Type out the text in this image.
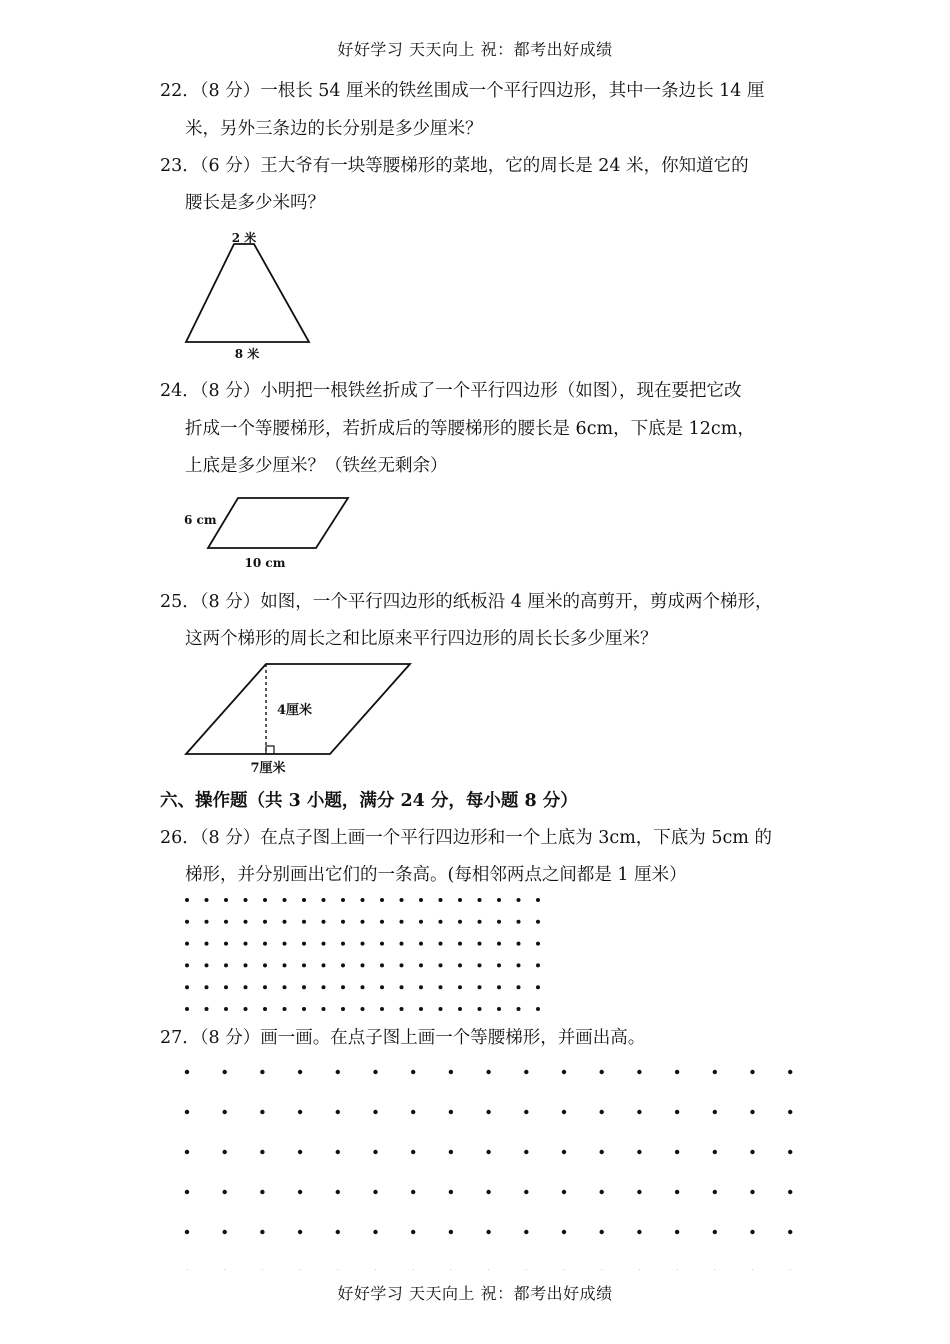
好好学习 天天向上 祝：都考出好成绩
22．（8 分）一根长 54 厘米的铁丝围成一个平行四边形，其中一条边长 14 厘
米，另外三条边的长分别是多少厘米？
23．（6 分）王大爷有一块等腰梯形的菜地，它的周长是 24 米，你知道它的
腰长是多少米吗？
2 米
8 米
24．（8 分）小明把一根铁丝折成了一个平行四边形（如图），现在要把它改
折成一个等腰梯形，若折成后的等腰梯形的腰长是 6cm，下底是 12cm，
上底是多少厘米？（铁丝无剩余）
6 cm
10 cm
25．（8 分）如图，一个平行四边形的纸板沿 4 厘米的高剪开，剪成两个梯形，
这两个梯形的周长之和比原来平行四边形的周长长多少厘米？
4厘米
7厘米
六、操作题（共 3 小题，满分 24 分，每小题 8 分）
26．（8 分）在点子图上画一个平行四边形和一个上底为 3cm，下底为 5cm 的
梯形，并分别画出它们的一条高。(每相邻两点之间都是 1 厘米）
27．（8 分）画一画。在点子图上画一个等腰梯形，并画出高。
好好学习 天天向上 祝：都考出好成绩
